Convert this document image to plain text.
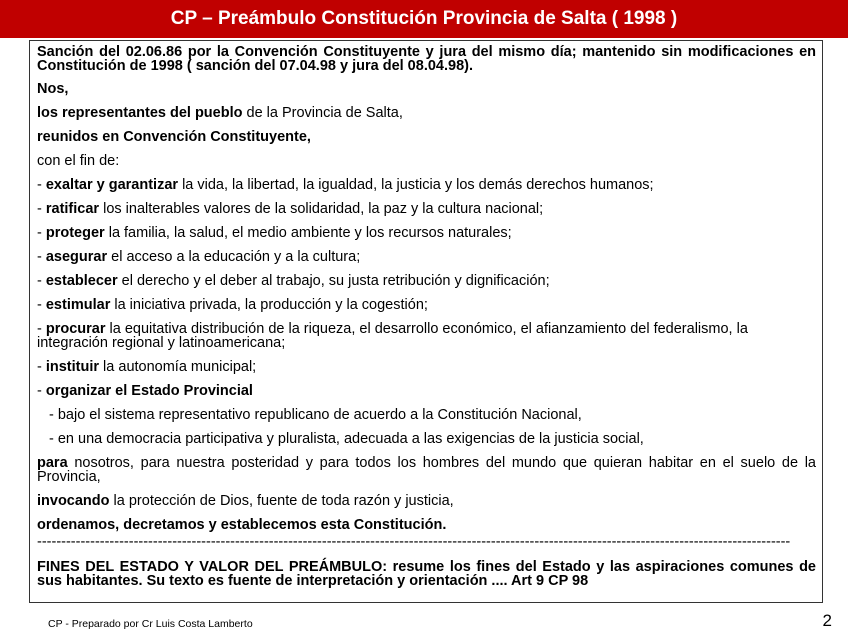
CP – Preámbulo Constitución Provincia de Salta ( 1998 )

Sanción del 02.06.86 por la Convención Constituyente y jura del mismo día; mantenido sin modificaciones en Constitución de 1998 ( sanción del 07.04.98 y jura del 08.04.98).

Nos,

los representantes del pueblo de la Provincia de Salta,

reunidos en Convención Constituyente,

con el fin de:

- exaltar y garantizar la vida, la libertad, la igualdad, la justicia y los demás derechos humanos;

- ratificar los inalterables valores de la solidaridad, la paz y la cultura nacional;

- proteger la familia, la salud, el medio ambiente y los recursos naturales;

- asegurar el acceso a la educación y a la cultura;

- establecer el derecho y el deber al trabajo, su justa retribución y dignificación;

- estimular la iniciativa privada, la producción y la cogestión;

- procurar la equitativa distribución de la riqueza, el desarrollo económico, el afianzamiento del federalismo, la integración regional y latinoamericana;

- instituir la autonomía municipal;

- organizar el Estado Provincial

- bajo el sistema representativo republicano de acuerdo a la Constitución Nacional,

- en una democracia participativa y pluralista, adecuada a las exigencias de la justicia social,

para nosotros, para nuestra posteridad y para todos los hombres del mundo que quieran habitar en el suelo de la Provincia,

invocando la protección de Dios, fuente de toda razón y justicia,

ordenamos, decretamos y establecemos esta Constitución.

------------------------------------------------------------------------------------------------------------------------------------------------------------

FINES DEL ESTADO Y VALOR DEL PREÁMBULO: resume los fines del Estado y las aspiraciones comunes de sus habitantes. Su texto es fuente de interpretación y orientación .... Art 9 CP 98

CP - Preparado por Cr Luis Costa Lamberto	2
